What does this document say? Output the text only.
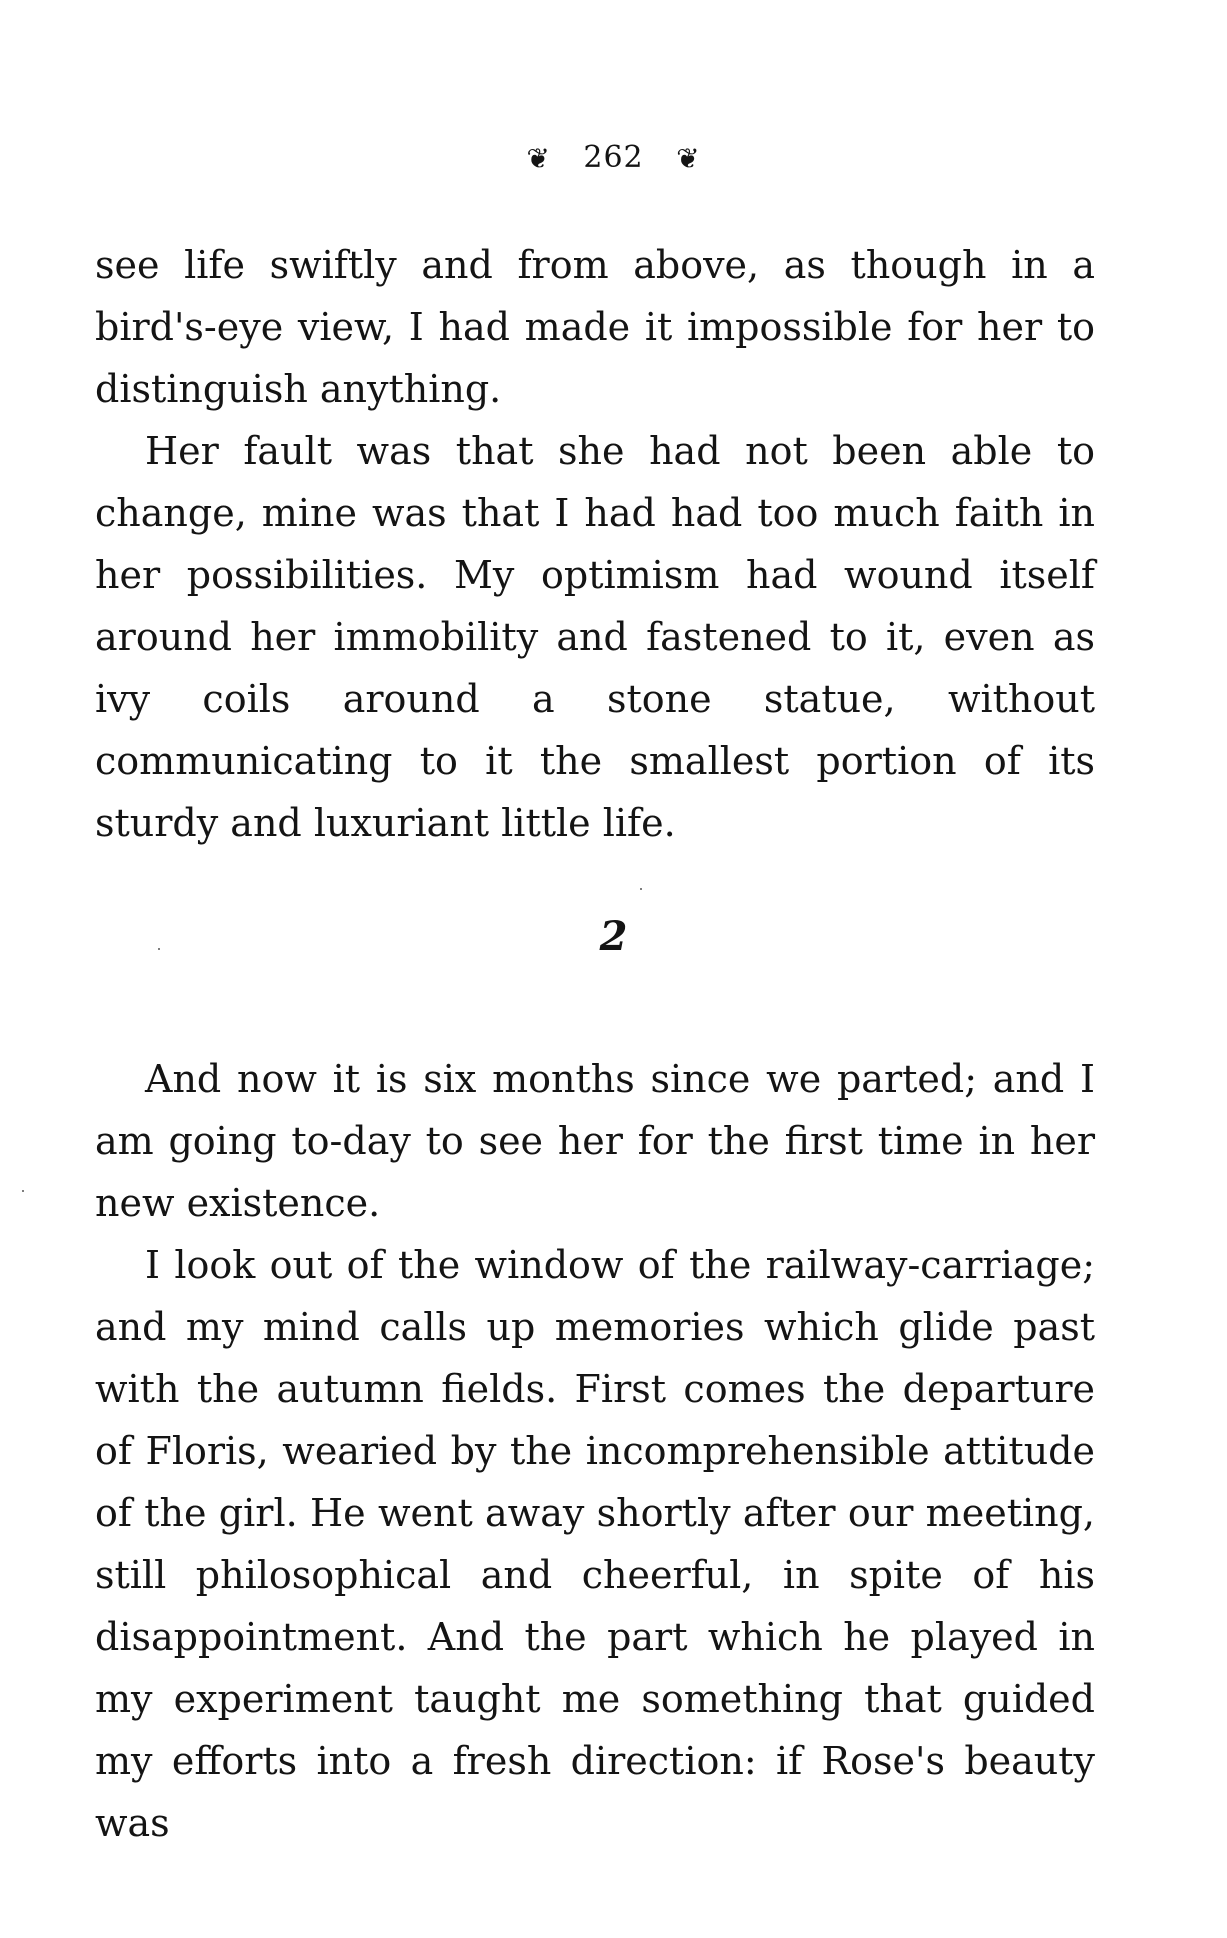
❦ 262 ❦

see life swiftly and from above, as though in a bird's-eye view, I had made it impossible for her to distinguish anything.

Her fault was that she had not been able to change, mine was that I had had too much faith in her possibilities. My optimism had wound itself around her immobility and fastened to it, even as ivy coils around a stone statue, without communicating to it the smallest portion of its sturdy and luxuriant little life.

2

And now it is six months since we parted; and I am going to-day to see her for the first time in her new existence.

I look out of the window of the railway-carriage; and my mind calls up memories which glide past with the autumn fields. First comes the departure of Floris, wearied by the incomprehensible attitude of the girl. He went away shortly after our meeting, still philosophical and cheerful, in spite of his disappointment. And the part which he played in my experiment taught me something that guided my efforts into a fresh direction: if Rose's beauty was
